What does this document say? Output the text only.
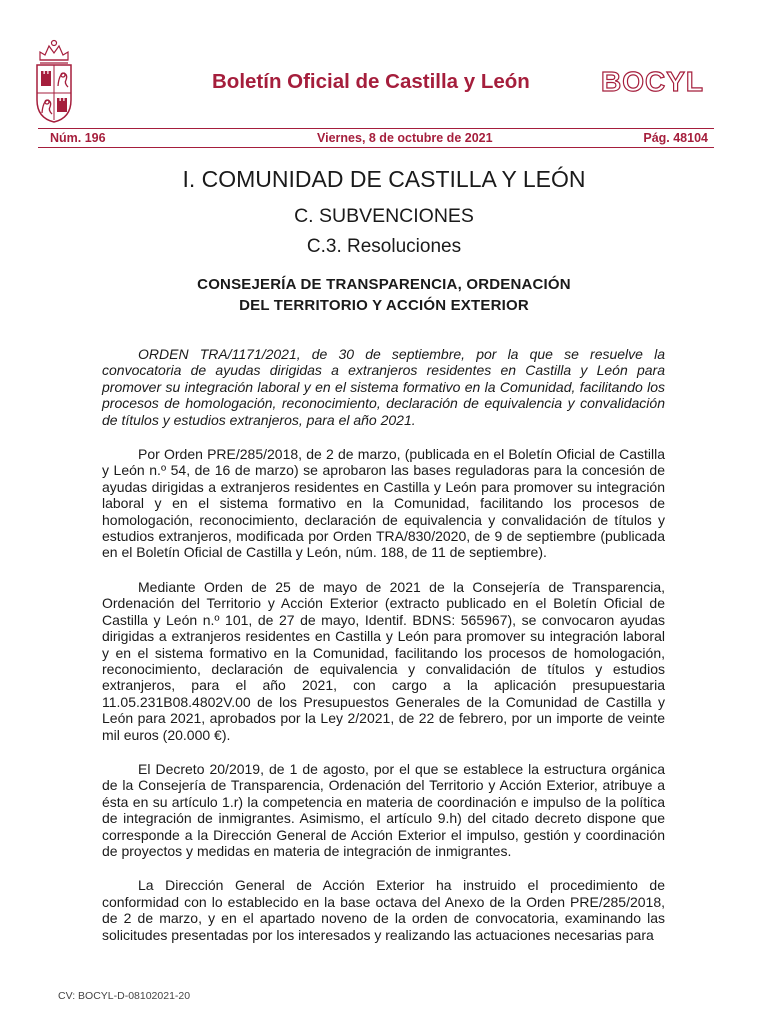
Boletín Oficial de Castilla y León	BOCYL
Núm. 196	Viernes, 8 de octubre de 2021	Pág. 48104
I. COMUNIDAD DE CASTILLA Y LEÓN
C. SUBVENCIONES
C.3. Resoluciones
CONSEJERÍA DE TRANSPARENCIA, ORDENACIÓN
DEL TERRITORIO Y ACCIÓN EXTERIOR

ORDEN TRA/1171/2021, de 30 de septiembre, por la que se resuelve la convocatoria de ayudas dirigidas a extranjeros residentes en Castilla y León para promover su integración laboral y en el sistema formativo en la Comunidad, facilitando los procesos de homologación, reconocimiento, declaración de equivalencia y convalidación de títulos y estudios extranjeros, para el año 2021.

Por Orden PRE/285/2018, de 2 de marzo, (publicada en el Boletín Oficial de Castilla y León n.º 54, de 16 de marzo) se aprobaron las bases reguladoras para la concesión de ayudas dirigidas a extranjeros residentes en Castilla y León para promover su integración laboral y en el sistema formativo en la Comunidad, facilitando los procesos de homologación, reconocimiento, declaración de equivalencia y convalidación de títulos y estudios extranjeros, modificada por Orden TRA/830/2020, de 9 de septiembre (publicada en el Boletín Oficial de Castilla y León, núm. 188, de 11 de septiembre).

Mediante Orden de 25 de mayo de 2021 de la Consejería de Transparencia, Ordenación del Territorio y Acción Exterior (extracto publicado en el Boletín Oficial de Castilla y León n.º 101, de 27 de mayo, Identif. BDNS: 565967), se convocaron ayudas dirigidas a extranjeros residentes en Castilla y León para promover su integración laboral y en el sistema formativo en la Comunidad, facilitando los procesos de homologación, reconocimiento, declaración de equivalencia y convalidación de títulos y estudios extranjeros, para el año 2021, con cargo a la aplicación presupuestaria 11.05.231B08.4802V.00 de los Presupuestos Generales de la Comunidad de Castilla y León para 2021, aprobados por la Ley 2/2021, de 22 de febrero, por un importe de veinte mil euros (20.000 €).

El Decreto 20/2019, de 1 de agosto, por el que se establece la estructura orgánica de la Consejería de Transparencia, Ordenación del Territorio y Acción Exterior, atribuye a ésta en su artículo 1.r) la competencia en materia de coordinación e impulso de la política de integración de inmigrantes. Asimismo, el artículo 9.h) del citado decreto dispone que corresponde a la Dirección General de Acción Exterior el impulso, gestión y coordinación de proyectos y medidas en materia de integración de inmigrantes.

La Dirección General de Acción Exterior ha instruido el procedimiento de conformidad con lo establecido en la base octava del Anexo de la Orden PRE/285/2018, de 2 de marzo, y en el apartado noveno de la orden de convocatoria, examinando las solicitudes presentadas por los interesados y realizando las actuaciones necesarias para

CV: BOCYL-D-08102021-20
